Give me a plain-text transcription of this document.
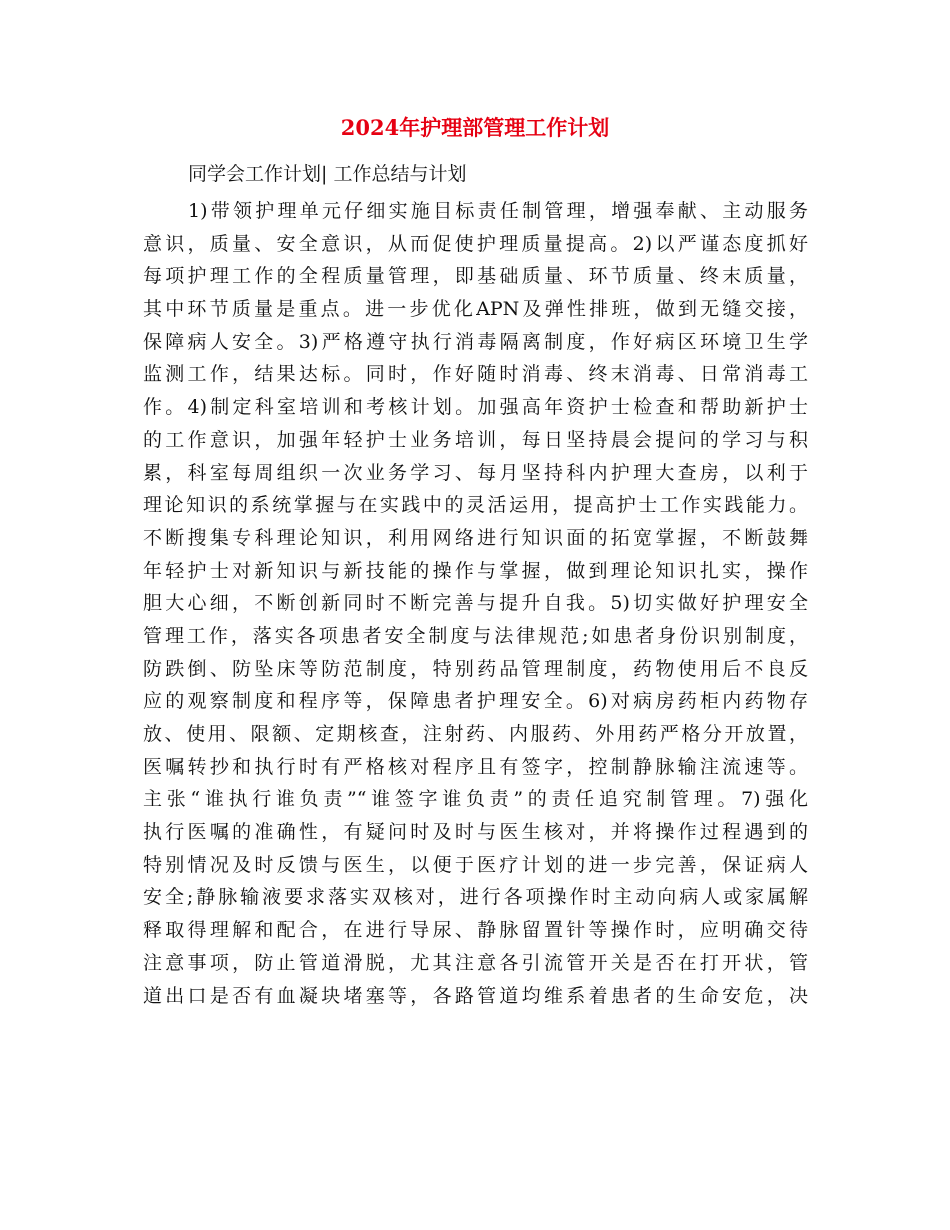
2024年护理部管理工作计划

同学会工作计划| 工作总结与计划

1)带领护理单元仔细实施目标责任制管理，增强奉献、主动服务
意识，质量、安全意识，从而促使护理质量提高。2)以严谨态度抓好
每项护理工作的全程质量管理，即基础质量、环节质量、终末质量，
其中环节质量是重点。进一步优化APN及弹性排班，做到无缝交接，
保障病人安全。3)严格遵守执行消毒隔离制度，作好病区环境卫生学
监测工作，结果达标。同时，作好随时消毒、终末消毒、日常消毒工
作。4)制定科室培训和考核计划。加强高年资护士检查和帮助新护士
的工作意识，加强年轻护士业务培训，每日坚持晨会提问的学习与积
累，科室每周组织一次业务学习、每月坚持科内护理大查房，以利于
理论知识的系统掌握与在实践中的灵活运用，提高护士工作实践能力。
不断搜集专科理论知识，利用网络进行知识面的拓宽掌握，不断鼓舞
年轻护士对新知识与新技能的操作与掌握，做到理论知识扎实，操作
胆大心细，不断创新同时不断完善与提升自我。5)切实做好护理安全
管理工作，落实各项患者安全制度与法律规范;如患者身份识别制度，
防跌倒、防坠床等防范制度，特别药品管理制度，药物使用后不良反
应的观察制度和程序等，保障患者护理安全。6)对病房药柜内药物存
放、使用、限额、定期核查，注射药、内服药、外用药严格分开放置，
医嘱转抄和执行时有严格核对程序且有签字，控制静脉输注流速等。
主张“谁执行谁负责”“谁签字谁负责”的责任追究制管理。7)强化
执行医嘱的准确性，有疑问时及时与医生核对，并将操作过程遇到的
特别情况及时反馈与医生，以便于医疗计划的进一步完善，保证病人
安全;静脉输液要求落实双核对，进行各项操作时主动向病人或家属解
释取得理解和配合，在进行导尿、静脉留置针等操作时，应明确交待
注意事项，防止管道滑脱，尤其注意各引流管开关是否在打开状，管
道出口是否有血凝块堵塞等，各路管道均维系着患者的生命安危，决
